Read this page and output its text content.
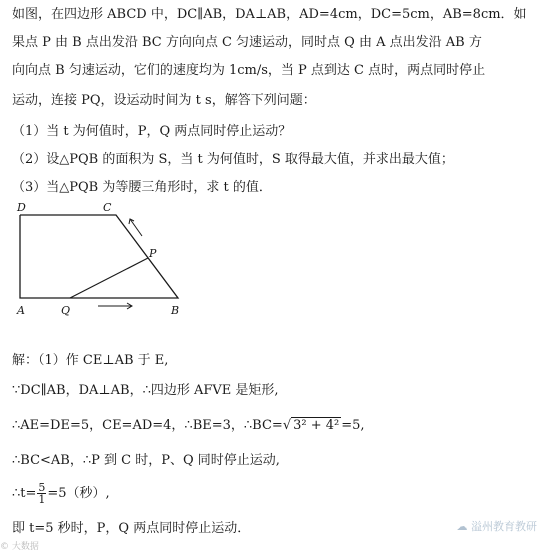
如图，在四边形 ABCD 中，DC∥AB，DA⊥AB，AD=4cm，DC=5cm，AB=8cm．如
果点 P 由 B 点出发沿 BC 方向向点 C 匀速运动，同时点 Q 由 A 点出发沿 AB 方
向向点 B 匀速运动，它们的速度均为 1cm/s，当 P 点到达 C 点时，两点同时停止
运动，连接 PQ，设运动时间为 t s，解答下列问题：
（1）当 t 为何值时，P，Q 两点同时停止运动？
（2）设△PQB 的面积为 S，当 t 为何值时，S 取得最大值，并求出最大值；
（3）当△PQB 为等腰三角形时，求 t 的值．
D	C
A	Q	B
P
解：（1）作 CE⊥AB 于 E,
∵DC∥AB，DA⊥AB，∴四边形 AFVE 是矩形,
∴AE=DE=5，CE=AD=4，∴BE=3，∴BC=√ 3² + 4² =5,
∴BC<AB，∴P 到 C 时，P、Q 同时停止运动,
∴t= $\frac{5}{1} =5$（秒）,
即 t=5 秒时，P，Q 两点同时停止运动．	☁ 溢州教育教研
© 大数据
